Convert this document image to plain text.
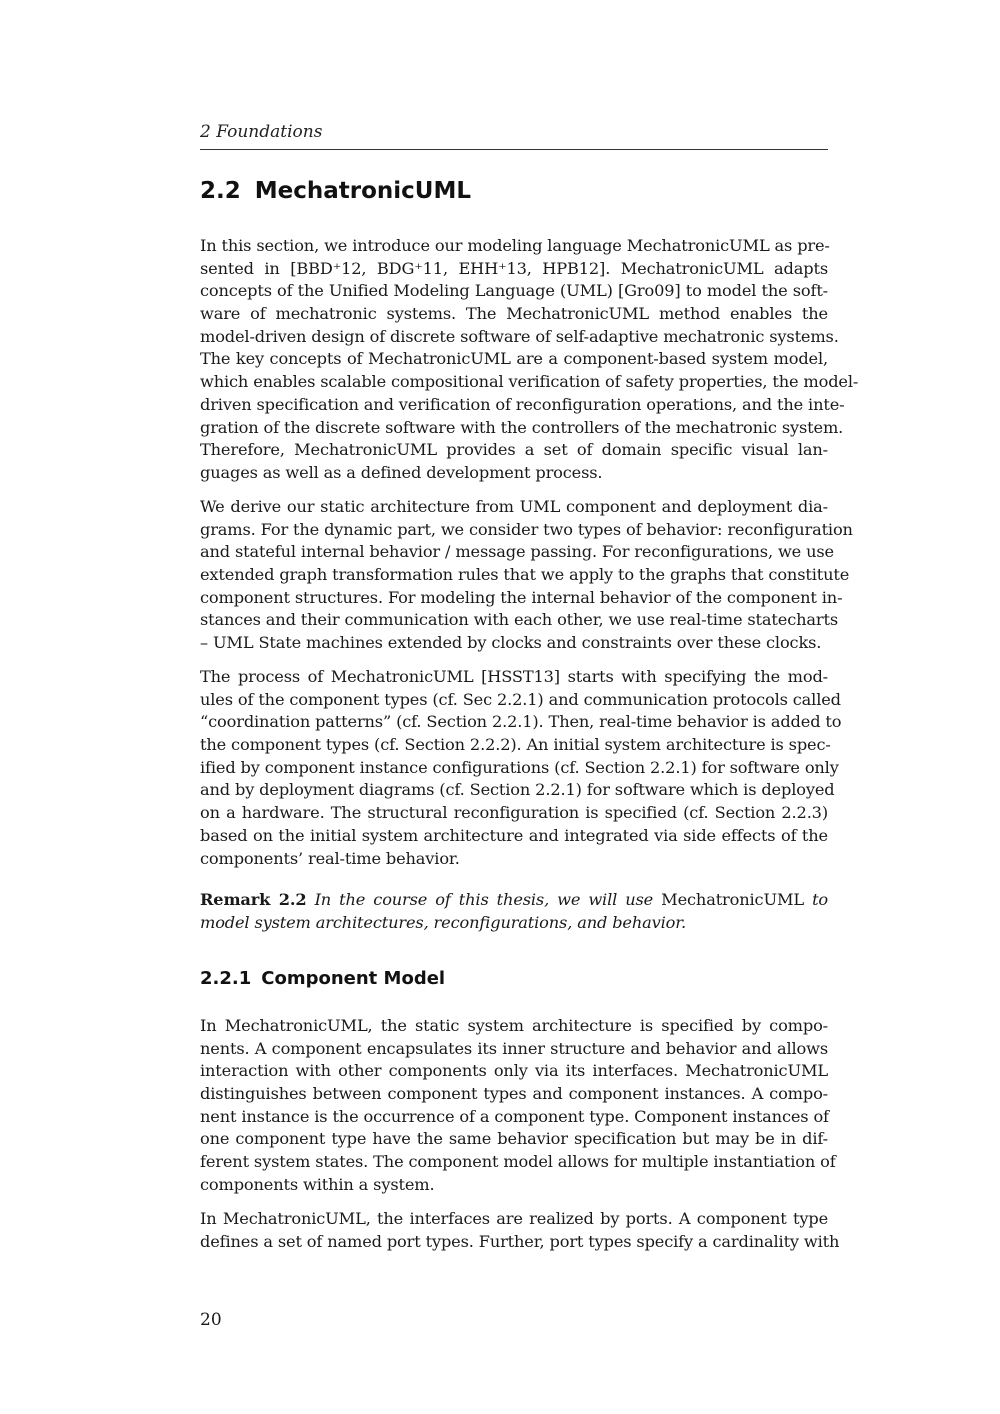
2 Foundations
2.2 MechatronicUML
In this section, we introduce our modeling language MechatronicUML as pre-
sented in [BBD⁺12, BDG⁺11, EHH⁺13, HPB12]. MechatronicUML adapts
concepts of the Unified Modeling Language (UML) [Gro09] to model the soft-
ware of mechatronic systems. The MechatronicUML method enables the
model-driven design of discrete software of self-adaptive mechatronic systems.
The key concepts of MechatronicUML are a component-based system model,
which enables scalable compositional verification of safety properties, the model-
driven specification and verification of reconfiguration operations, and the inte-
gration of the discrete software with the controllers of the mechatronic system.
Therefore, MechatronicUML provides a set of domain specific visual lan-
guages as well as a defined development process.
We derive our static architecture from UML component and deployment dia-
grams. For the dynamic part, we consider two types of behavior: reconfiguration
and stateful internal behavior / message passing. For reconfigurations, we use
extended graph transformation rules that we apply to the graphs that constitute
component structures. For modeling the internal behavior of the component in-
stances and their communication with each other, we use real-time statecharts
– UML State machines extended by clocks and constraints over these clocks.
The process of MechatronicUML [HSST13] starts with specifying the mod-
ules of the component types (cf. Sec 2.2.1) and communication protocols called
“coordination patterns” (cf. Section 2.2.1). Then, real-time behavior is added to
the component types (cf. Section 2.2.2). An initial system architecture is spec-
ified by component instance configurations (cf. Section 2.2.1) for software only
and by deployment diagrams (cf. Section 2.2.1) for software which is deployed
on a hardware. The structural reconfiguration is specified (cf. Section 2.2.3)
based on the initial system architecture and integrated via side effects of the
components’ real-time behavior.
Remark 2.2 In the course of this thesis, we will use MechatronicUML to
model system architectures, reconfigurations, and behavior.
2.2.1 Component Model
In MechatronicUML, the static system architecture is specified by compo-
nents. A component encapsulates its inner structure and behavior and allows
interaction with other components only via its interfaces. MechatronicUML
distinguishes between component types and component instances. A compo-
nent instance is the occurrence of a component type. Component instances of
one component type have the same behavior specification but may be in dif-
ferent system states. The component model allows for multiple instantiation of
components within a system.
In MechatronicUML, the interfaces are realized by ports. A component type
defines a set of named port types. Further, port types specify a cardinality with
20
